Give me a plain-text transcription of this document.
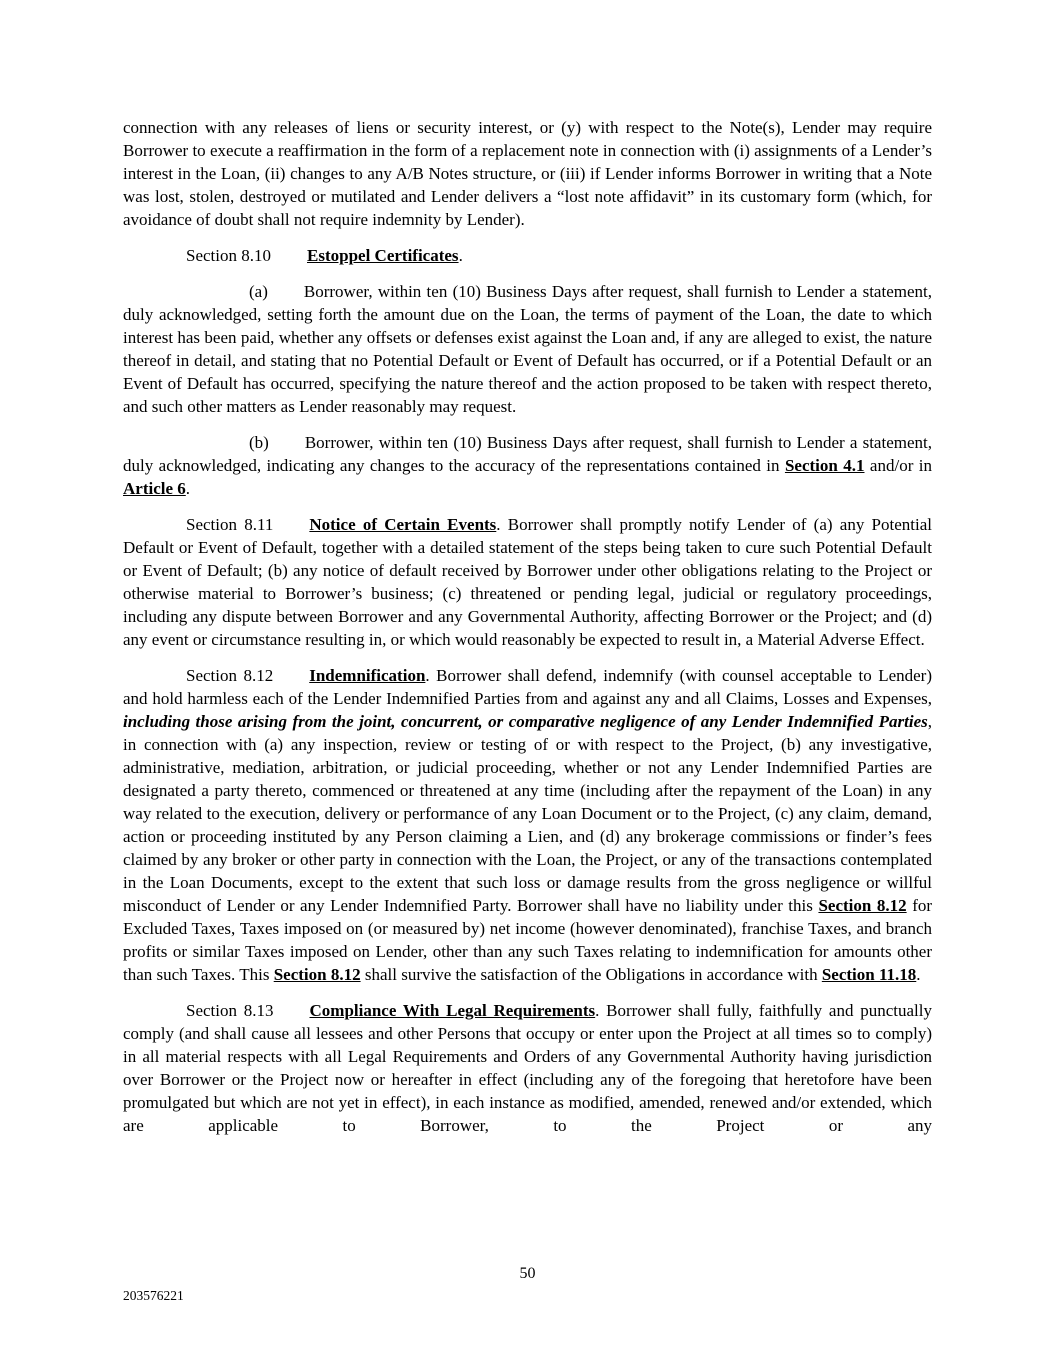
connection with any releases of liens or security interest, or (y) with respect to the Note(s), Lender may require Borrower to execute a reaffirmation in the form of a replacement note in connection with (i) assignments of a Lender’s interest in the Loan, (ii) changes to any A/B Notes structure, or (iii) if Lender informs Borrower in writing that a Note was lost, stolen, destroyed or mutilated and Lender delivers a “lost note affidavit” in its customary form (which, for avoidance of doubt shall not require indemnity by Lender).

Section 8.10 Estoppel Certificates.

(a) Borrower, within ten (10) Business Days after request, shall furnish to Lender a statement, duly acknowledged, setting forth the amount due on the Loan, the terms of payment of the Loan, the date to which interest has been paid, whether any offsets or defenses exist against the Loan and, if any are alleged to exist, the nature thereof in detail, and stating that no Potential Default or Event of Default has occurred, or if a Potential Default or an Event of Default has occurred, specifying the nature thereof and the action proposed to be taken with respect thereto, and such other matters as Lender reasonably may request.

(b) Borrower, within ten (10) Business Days after request, shall furnish to Lender a statement, duly acknowledged, indicating any changes to the accuracy of the representations contained in Section 4.1 and/or in Article 6.

Section 8.11 Notice of Certain Events. Borrower shall promptly notify Lender of (a) any Potential Default or Event of Default, together with a detailed statement of the steps being taken to cure such Potential Default or Event of Default; (b) any notice of default received by Borrower under other obligations relating to the Project or otherwise material to Borrower’s business; (c) threatened or pending legal, judicial or regulatory proceedings, including any dispute between Borrower and any Governmental Authority, affecting Borrower or the Project; and (d) any event or circumstance resulting in, or which would reasonably be expected to result in, a Material Adverse Effect.

Section 8.12 Indemnification. Borrower shall defend, indemnify (with counsel acceptable to Lender) and hold harmless each of the Lender Indemnified Parties from and against any and all Claims, Losses and Expenses, including those arising from the joint, concurrent, or comparative negligence of any Lender Indemnified Parties, in connection with (a) any inspection, review or testing of or with respect to the Project, (b) any investigative, administrative, mediation, arbitration, or judicial proceeding, whether or not any Lender Indemnified Parties are designated a party thereto, commenced or threatened at any time (including after the repayment of the Loan) in any way related to the execution, delivery or performance of any Loan Document or to the Project, (c) any claim, demand, action or proceeding instituted by any Person claiming a Lien, and (d) any brokerage commissions or finder’s fees claimed by any broker or other party in connection with the Loan, the Project, or any of the transactions contemplated in the Loan Documents, except to the extent that such loss or damage results from the gross negligence or willful misconduct of Lender or any Lender Indemnified Party. Borrower shall have no liability under this Section 8.12 for Excluded Taxes, Taxes imposed on (or measured by) net income (however denominated), franchise Taxes, and branch profits or similar Taxes imposed on Lender, other than any such Taxes relating to indemnification for amounts other than such Taxes. This Section 8.12 shall survive the satisfaction of the Obligations in accordance with Section 11.18.

Section 8.13 Compliance With Legal Requirements. Borrower shall fully, faithfully and punctually comply (and shall cause all lessees and other Persons that occupy or enter upon the Project at all times so to comply) in all material respects with all Legal Requirements and Orders of any Governmental Authority having jurisdiction over Borrower or the Project now or hereafter in effect (including any of the foregoing that heretofore have been promulgated but which are not yet in effect), in each instance as modified, amended, renewed and/or extended, which are applicable to Borrower, to the Project or any

50
203576221
